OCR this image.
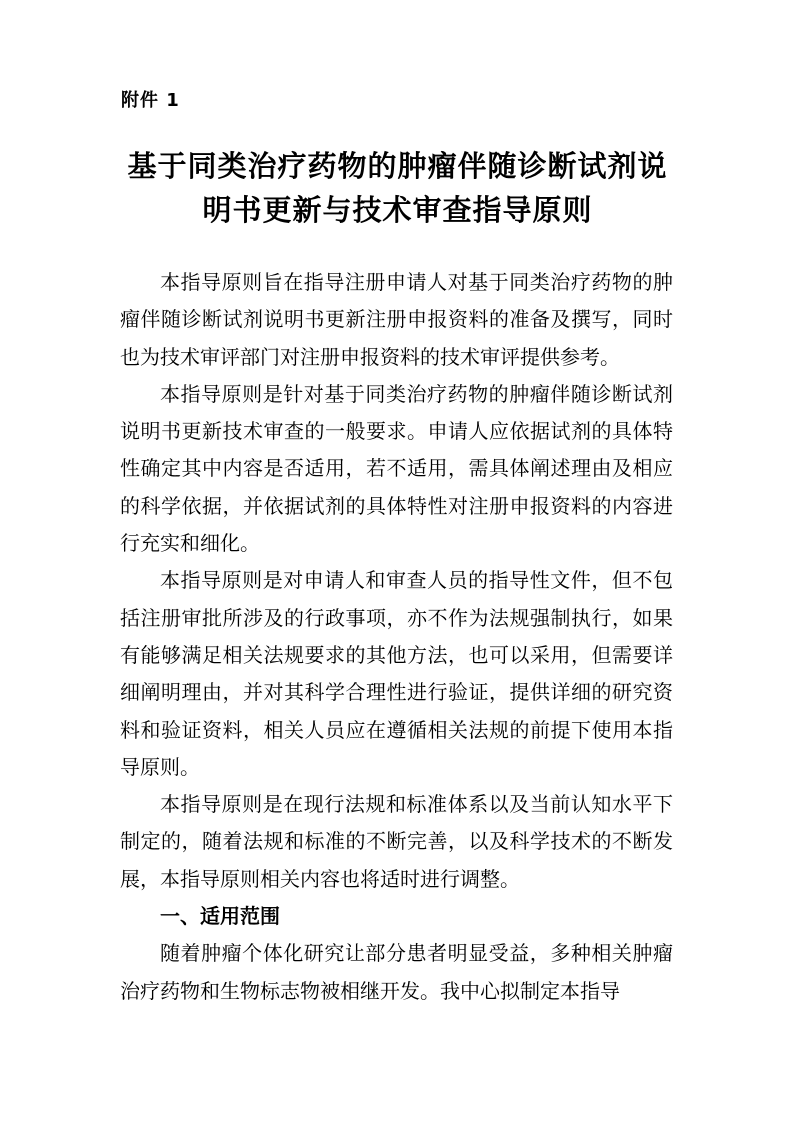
附件 1
基于同类治疗药物的肿瘤伴随诊断试剂说
明书更新与技术审查指导原则

本指导原则旨在指导注册申请人对基于同类治疗药物的肿瘤伴随诊断试剂说明书更新注册申报资料的准备及撰写，同时也为技术审评部门对注册申报资料的技术审评提供参考。

本指导原则是针对基于同类治疗药物的肿瘤伴随诊断试剂说明书更新技术审查的一般要求。申请人应依据试剂的具体特性确定其中内容是否适用，若不适用，需具体阐述理由及相应的科学依据，并依据试剂的具体特性对注册申报资料的内容进行充实和细化。

本指导原则是对申请人和审查人员的指导性文件，但不包括注册审批所涉及的行政事项，亦不作为法规强制执行，如果有能够满足相关法规要求的其他方法，也可以采用，但需要详细阐明理由，并对其科学合理性进行验证，提供详细的研究资料和验证资料，相关人员应在遵循相关法规的前提下使用本指导原则。

本指导原则是在现行法规和标准体系以及当前认知水平下制定的，随着法规和标准的不断完善，以及科学技术的不断发展，本指导原则相关内容也将适时进行调整。

一、适用范围

随着肿瘤个体化研究让部分患者明显受益，多种相关肿瘤治疗药物和生物标志物被相继开发。我中心拟制定本指导
